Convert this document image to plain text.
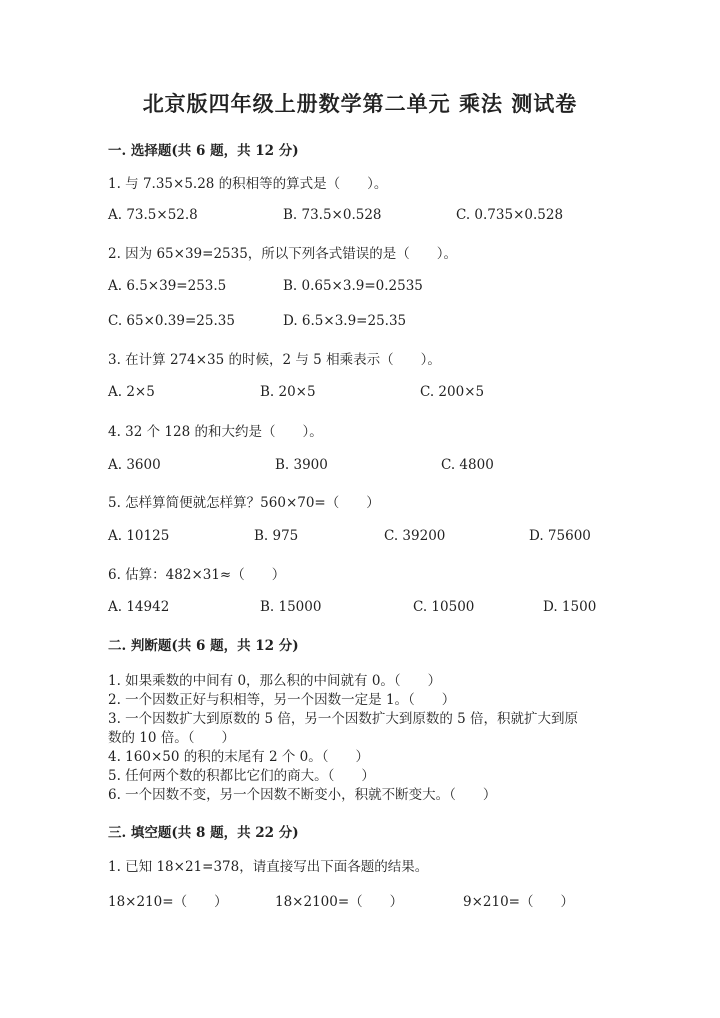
北京版四年级上册数学第二单元 乘法 测试卷
一. 选择题(共 6 题，共 12 分)
1. 与 7.35×5.28 的积相等的算式是（　　）。
A. 73.5×52.8	B. 73.5×0.528	C. 0.735×0.528
2. 因为 65×39=2535，所以下列各式错误的是（　　）。
A. 6.5×39=253.5	B. 0.65×3.9=0.2535
C. 65×0.39=25.35	D. 6.5×3.9=25.35
3. 在计算 274×35 的时候，2 与 5 相乘表示（　　）。
A. 2×5	B. 20×5	C. 200×5
4. 32 个 128 的和大约是（　　）。
A. 3600	B. 3900	C. 4800
5. 怎样算简便就怎样算？560×70=（　　）
A. 10125	B. 975	C. 39200	D. 75600
6. 估算：482×31≈（　　）
A. 14942	B. 15000	C. 10500	D. 1500
二. 判断题(共 6 题，共 12 分)
1. 如果乘数的中间有 0，那么积的中间就有 0。（　　）
2. 一个因数正好与积相等，另一个因数一定是 1。（　　）
3. 一个因数扩大到原数的 5 倍，另一个因数扩大到原数的 5 倍，积就扩大到原
数的 10 倍。（　　）
4. 160×50 的积的末尾有 2 个 0。（　　）
5. 任何两个数的积都比它们的商大。（　　）
6. 一个因数不变，另一个因数不断变小，积就不断变大。（　　）
三. 填空题(共 8 题，共 22 分)
1. 已知 18×21=378，请直接写出下面各题的结果。
18×210=（　　）	18×2100=（　　）	9×210=（　　）
